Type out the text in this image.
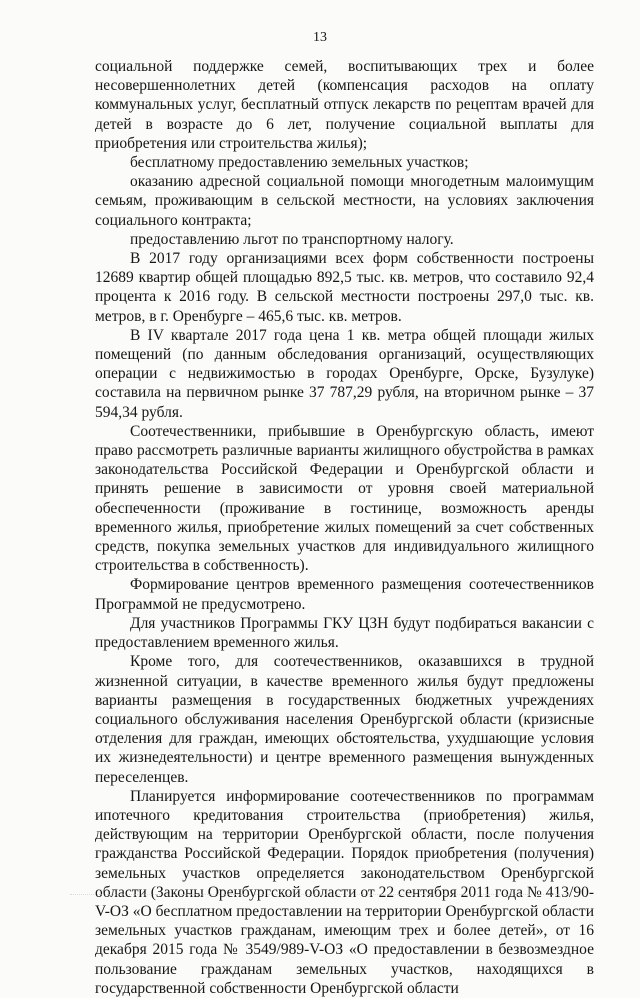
13

социальной поддержке семей, воспитывающих трех и более несовершеннолетних детей (компенсация расходов на оплату коммунальных услуг, бесплатный отпуск лекарств по рецептам врачей для детей в возрасте до 6 лет, получение социальной выплаты для приобретения или строительства жилья);

бесплатному предоставлению земельных участков;

оказанию адресной социальной помощи многодетным малоимущим семьям, проживающим в сельской местности, на условиях заключения социального контракта;

предоставлению льгот по транспортному налогу.

В 2017 году организациями всех форм собственности построены 12689 квартир общей площадью 892,5 тыс. кв. метров, что составило 92,4 процента к 2016 году. В сельской местности построены 297,0 тыс. кв. метров, в г. Оренбурге – 465,6 тыс. кв. метров.

В IV квартале 2017 года цена 1 кв. метра общей площади жилых помещений (по данным обследования организаций, осуществляющих операции с недвижимостью в городах Оренбурге, Орске, Бузулуке) составила на первичном рынке 37 787,29 рубля, на вторичном рынке – 37 594,34 рубля.

Соотечественники, прибывшие в Оренбургскую область, имеют право рассмотреть различные варианты жилищного обустройства в рамках законодательства Российской Федерации и Оренбургской области и принять решение в зависимости от уровня своей материальной обеспеченности (проживание в гостинице, возможность аренды временного жилья, приобретение жилых помещений за счет собственных средств, покупка земельных участков для индивидуального жилищного строительства в собственность).

Формирование центров временного размещения соотечественников Программой не предусмотрено.

Для участников Программы ГКУ ЦЗН будут подбираться вакансии с предоставлением временного жилья.

Кроме того, для соотечественников, оказавшихся в трудной жизненной ситуации, в качестве временного жилья будут предложены варианты размещения в государственных бюджетных учреждениях социального обслуживания населения Оренбургской области (кризисные отделения для граждан, имеющих обстоятельства, ухудшающие условия их жизнедеятельности) и центре временного размещения вынужденных переселенцев.

Планируется информирование соотечественников по программам ипотечного кредитования строительства (приобретения) жилья, действующим на территории Оренбургской области, после получения гражданства Российской Федерации. Порядок приобретения (получения) земельных участков определяется законодательством Оренбургской области (Законы Оренбургской области от 22 сентября 2011 года № 413/90-V-ОЗ «О бесплатном предоставлении на территории Оренбургской области земельных участков гражданам, имеющим трех и более детей», от 16 декабря 2015 года № 3549/989-V-ОЗ «О предоставлении в безвозмездное пользование гражданам земельных участков, находящихся в государственной собственности Оренбургской области
